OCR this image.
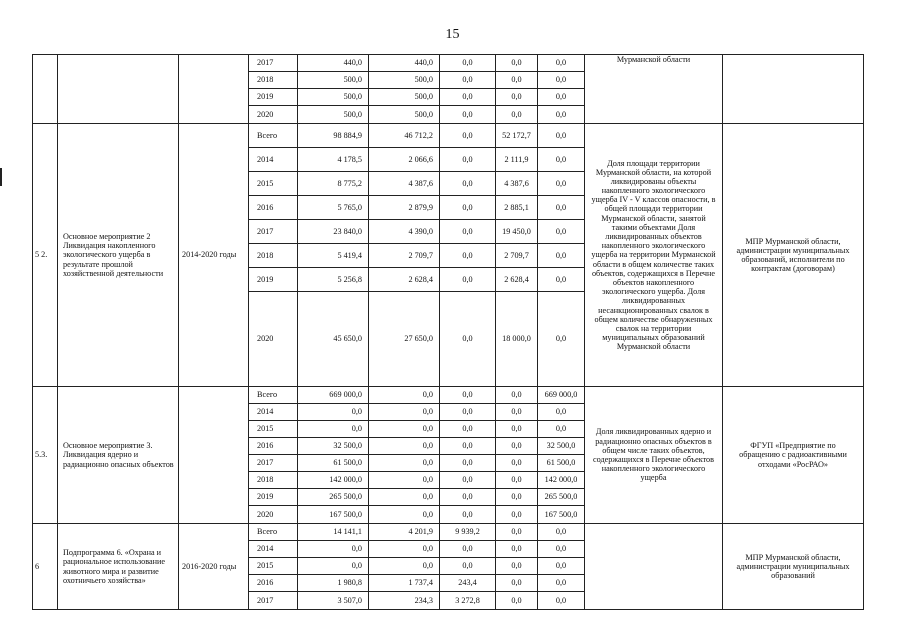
15
			2017	440,0	440,0	0,0	0,0	0,0	Мурманской области	
			2018	500,0	500,0	0,0	0,0	0,0		
			2019	500,0	500,0	0,0	0,0	0,0		
			2020	500,0	500,0	0,0	0,0	0,0		
5 2.	Основное мероприятие 2 Ликвидация накопленного экологического ущерба в результате прошлой хозяйственной деятельности	2014-2020 годы	Всего	98 884,9	46 712,2	0,0	52 172,7	0,0	Доля площади территории Мурманской области, на которой ликвидированы объекты накопленного экологического ущерба IV - V классов опасности, в общей площади территории Мурманской области, занятой такими объектами Доля ликвидированных объектов накопленного экологического ущерба на территории Мурманской области в общем количестве таких объектов, содержащихся в Перечне объектов накопленного экологического ущерба. Доля ликвидированных несанкционированных свалок в общем количестве обнаруженных свалок на территории муниципальных образований Мурманской области	МПР Мурманской области, администрации муниципальных образований, исполнители по контрактам (договорам)
			2014	4 178,5	2 066,6	0,0	2 111,9	0,0		
			2015	8 775,2	4 387,6	0,0	4 387,6	0,0		
			2016	5 765,0	2 879,9	0,0	2 885,1	0,0		
			2017	23 840,0	4 390,0	0,0	19 450,0	0,0		
			2018	5 419,4	2 709,7	0,0	2 709,7	0,0		
			2019	5 256,8	2 628,4	0,0	2 628,4	0,0		
			2020	45 650,0	27 650,0	0,0	18 000,0	0,0		
5.3.	Основное мероприятие 3. Ликвидация ядерно и радиационно опасных объектов		Всего	669 000,0	0,0	0,0	0,0	669 000,0	Доля ликвидированных ядерно и радиационно опасных объектов в общем числе таких объектов, содержащихся в Перечне объектов накопленного экологического ущерба	ФГУП «Предприятие по обращению с радиоактивными отходами «РосРАО»
			2014	0,0	0,0	0,0	0,0	0,0		
			2015	0,0	0,0	0,0	0,0	0,0		
			2016	32 500,0	0,0	0,0	0,0	32 500,0		
			2017	61 500,0	0,0	0,0	0,0	61 500,0		
			2018	142 000,0	0,0	0,0	0,0	142 000,0		
			2019	265 500,0	0,0	0,0	0,0	265 500,0		
			2020	167 500,0	0,0	0,0	0,0	167 500,0		
6	Подпрограмма 6. «Охрана и рациональное использование животного мира и развитие охотничьего хозяйства»	2016-2020 годы	Всего	14 141,1	4 201,9	9 939,2	0,0	0,0		МПР Мурманской области, администрации муниципальных образований
			2014	0,0	0,0	0,0	0,0	0,0		
			2015	0,0	0,0	0,0	0,0	0,0		
			2016	1 980,8	1 737,4	243,4	0,0	0,0		
			2017	3 507,0	234,3	3 272,8	0,0	0,0		
